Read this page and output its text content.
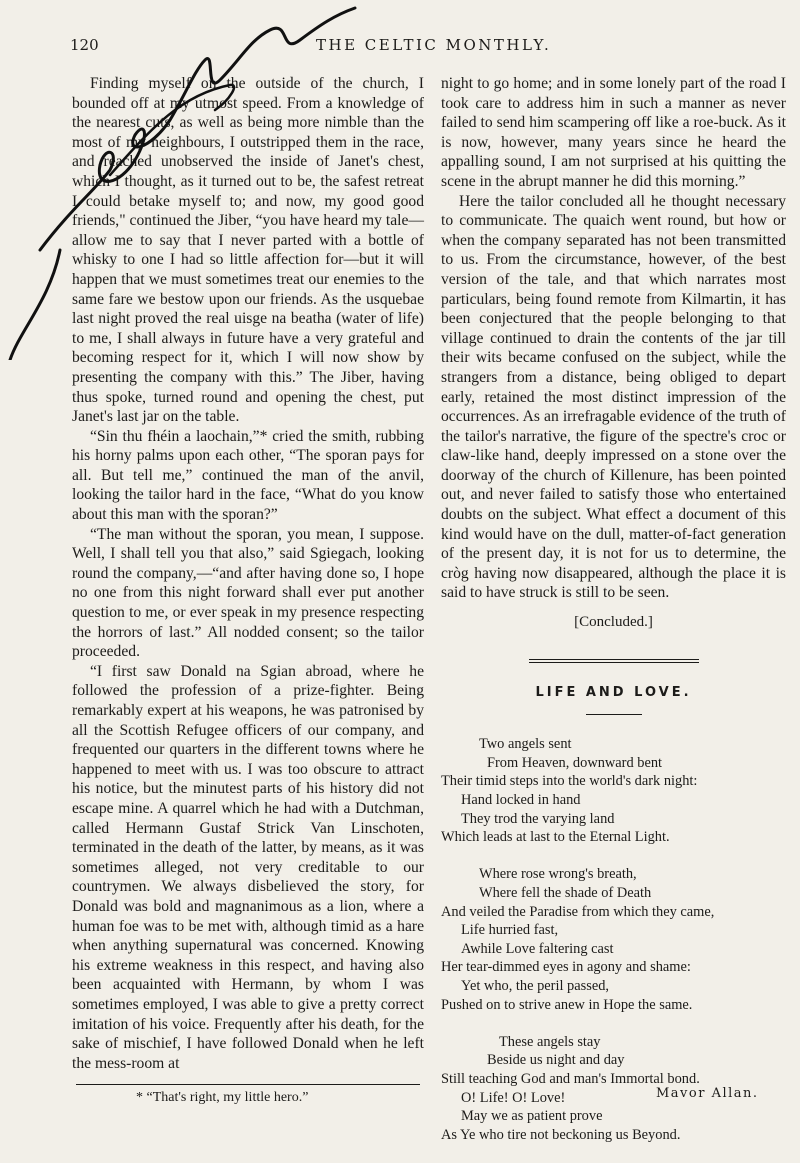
120	THE CELTIC MONTHLY.

Finding myself on the outside of the church, I bounded off at my utmost speed. From a knowledge of the nearest cuts, as well as being more nimble than the most of my neighbours, I outstripped them in the race, and reached unobserved the inside of Janet's chest, which I thought, as it turned out to be, the safest retreat I could betake myself to; and now, my good good friends," continued the Jiber, “you have heard my tale—allow me to say that I never parted with a bottle of whisky to one I had so little affection for—but it will happen that we must sometimes treat our enemies to the same fare we bestow upon our friends. As the usquebae last night proved the real uisge na beatha (water of life) to me, I shall always in future have a very grateful and becoming respect for it, which I will now show by presenting the company with this.” The Jiber, having thus spoke, turned round and opening the chest, put Janet's last jar on the table.

“Sin thu fhéin a laochain,”* cried the smith, rubbing his horny palms upon each other, “The sporan pays for all. But tell me,” continued the man of the anvil, looking the tailor hard in the face, “What do you know about this man with the sporan?”

“The man without the sporan, you mean, I suppose. Well, I shall tell you that also,” said Sgiegach, looking round the company,—“and after having done so, I hope no one from this night forward shall ever put another question to me, or ever speak in my presence respecting the horrors of last.” All nodded consent; so the tailor proceeded.

“I first saw Donald na Sgian abroad, where he followed the profession of a prize-fighter. Being remarkably expert at his weapons, he was patronised by all the Scottish Refugee officers of our company, and frequented our quarters in the different towns where he happened to meet with us. I was too obscure to attract his notice, but the minutest parts of his history did not escape mine. A quarrel which he had with a Dutchman, called Hermann Gustaf Strick Van Linschoten, terminated in the death of the latter, by means, as it was sometimes alleged, not very creditable to our countrymen. We always disbelieved the story, for Donald was bold and magnanimous as a lion, where a human foe was to be met with, although timid as a hare when anything supernatural was concerned. Knowing his extreme weakness in this respect, and having also been acquainted with Hermann, by whom I was sometimes employed, I was able to give a pretty correct imitation of his voice. Frequently after his death, for the sake of mischief, I have followed Donald when he left the mess-room at

night to go home; and in some lonely part of the road I took care to address him in such a manner as never failed to send him scampering off like a roe-buck. As it is now, however, many years since he heard the appalling sound, I am not surprised at his quitting the scene in the abrupt manner he did this morning.”

Here the tailor concluded all he thought necessary to communicate. The quaich went round, but how or when the company separated has not been transmitted to us. From the circumstance, however, of the best version of the tale, and that which narrates most particulars, being found remote from Kilmartin, it has been conjectured that the people belonging to that village continued to drain the contents of the jar till their wits became confused on the subject, while the strangers from a distance, being obliged to depart early, retained the most distinct impression of the occurrences. As an irrefragable evidence of the truth of the tailor's narrative, the figure of the spectre's croc or claw-like hand, deeply impressed on a stone over the doorway of the church of Killenure, has been pointed out, and never failed to satisfy those who entertained doubts on the subject. What effect a document of this kind would have on the dull, matter-of-fact generation of the present day, it is not for us to determine, the cròg having now disappeared, although the place it is said to have struck is still to be seen.

[Concluded.]
LIFE AND LOVE.
Two angels sent
From Heaven, downward bent
Their timid steps into the world's dark night:
Hand locked in hand
They trod the varying land
Which leads at last to the Eternal Light.
Where rose wrong's breath,
Where fell the shade of Death
And veiled the Paradise from which they came,
Life hurried fast,
Awhile Love faltering cast
Her tear-dimmed eyes in agony and shame:
Yet who, the peril passed,
Pushed on to strive anew in Hope the same.
These angels stay
Beside us night and day
Still teaching God and man's Immortal bond.
O! Life! O! Love!
May we as patient prove
As Ye who tire not beckoning us Beyond.
* “That's right, my little hero.”	Mavor Allan.
